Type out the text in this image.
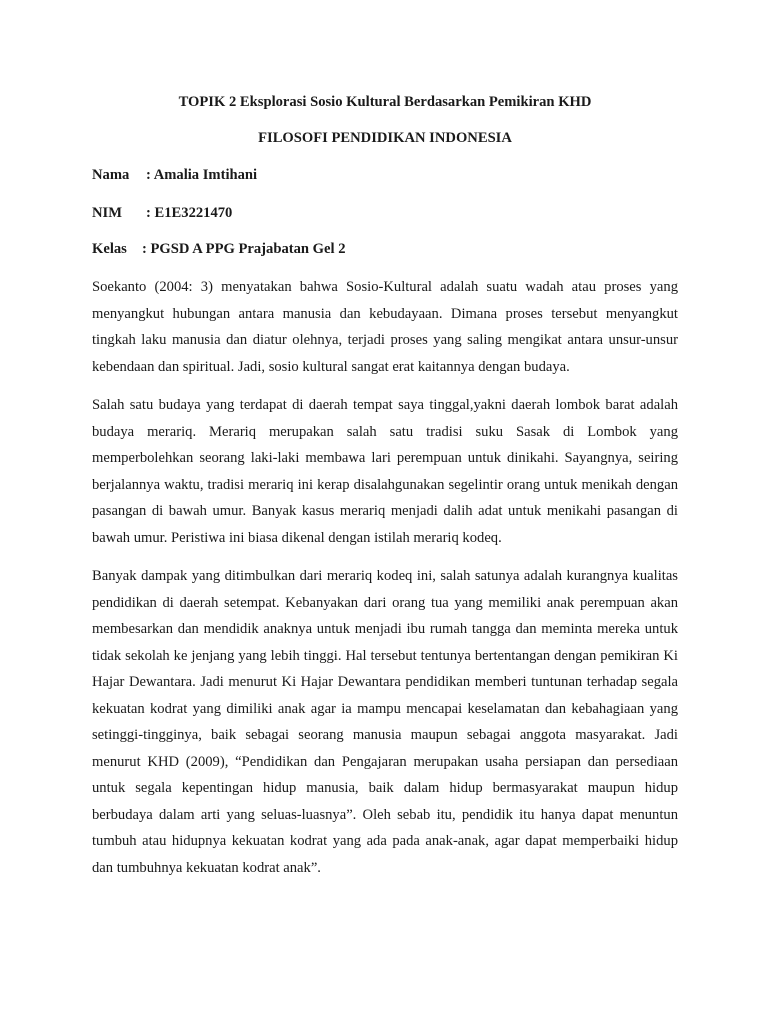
TOPIK 2 Eksplorasi Sosio Kultural Berdasarkan Pemikiran KHD
FILOSOFI PENDIDIKAN INDONESIA
Nama : Amalia Imtihani
NIM : E1E3221470
Kelas : PGSD A PPG Prajabatan Gel 2

Soekanto (2004: 3) menyatakan bahwa Sosio-Kultural adalah suatu wadah atau proses yang menyangkut hubungan antara manusia dan kebudayaan. Dimana proses tersebut menyangkut tingkah laku manusia dan diatur olehnya, terjadi proses yang saling mengikat antara unsur-unsur kebendaan dan spiritual. Jadi, sosio kultural sangat erat kaitannya dengan budaya.

Salah satu budaya yang terdapat di daerah tempat saya tinggal,yakni daerah lombok barat adalah budaya merariq. Merariq merupakan salah satu tradisi suku Sasak di Lombok yang memperbolehkan seorang laki-laki membawa lari perempuan untuk dinikahi. Sayangnya, seiring berjalannya waktu, tradisi merariq ini kerap disalahgunakan segelintir orang untuk menikah dengan pasangan di bawah umur. Banyak kasus merariq menjadi dalih adat untuk menikahi pasangan di bawah umur. Peristiwa ini biasa dikenal dengan istilah merariq kodeq.

Banyak dampak yang ditimbulkan dari merariq kodeq ini, salah satunya adalah kurangnya kualitas pendidikan di daerah setempat. Kebanyakan dari orang tua yang memiliki anak perempuan akan membesarkan dan mendidik anaknya untuk menjadi ibu rumah tangga dan meminta mereka untuk tidak sekolah ke jenjang yang lebih tinggi. Hal tersebut tentunya bertentangan dengan pemikiran Ki Hajar Dewantara. Jadi menurut Ki Hajar Dewantara pendidikan memberi tuntunan terhadap segala kekuatan kodrat yang dimiliki anak agar ia mampu mencapai keselamatan dan kebahagiaan yang setinggi-tingginya, baik sebagai seorang manusia maupun sebagai anggota masyarakat. Jadi menurut KHD (2009), “Pendidikan dan Pengajaran merupakan usaha persiapan dan persediaan untuk segala kepentingan hidup manusia, baik dalam hidup bermasyarakat maupun hidup berbudaya dalam arti yang seluas-luasnya”. Oleh sebab itu, pendidik itu hanya dapat menuntun tumbuh atau hidupnya kekuatan kodrat yang ada pada anak-anak, agar dapat memperbaiki hidup dan tumbuhnya kekuatan kodrat anak”.
